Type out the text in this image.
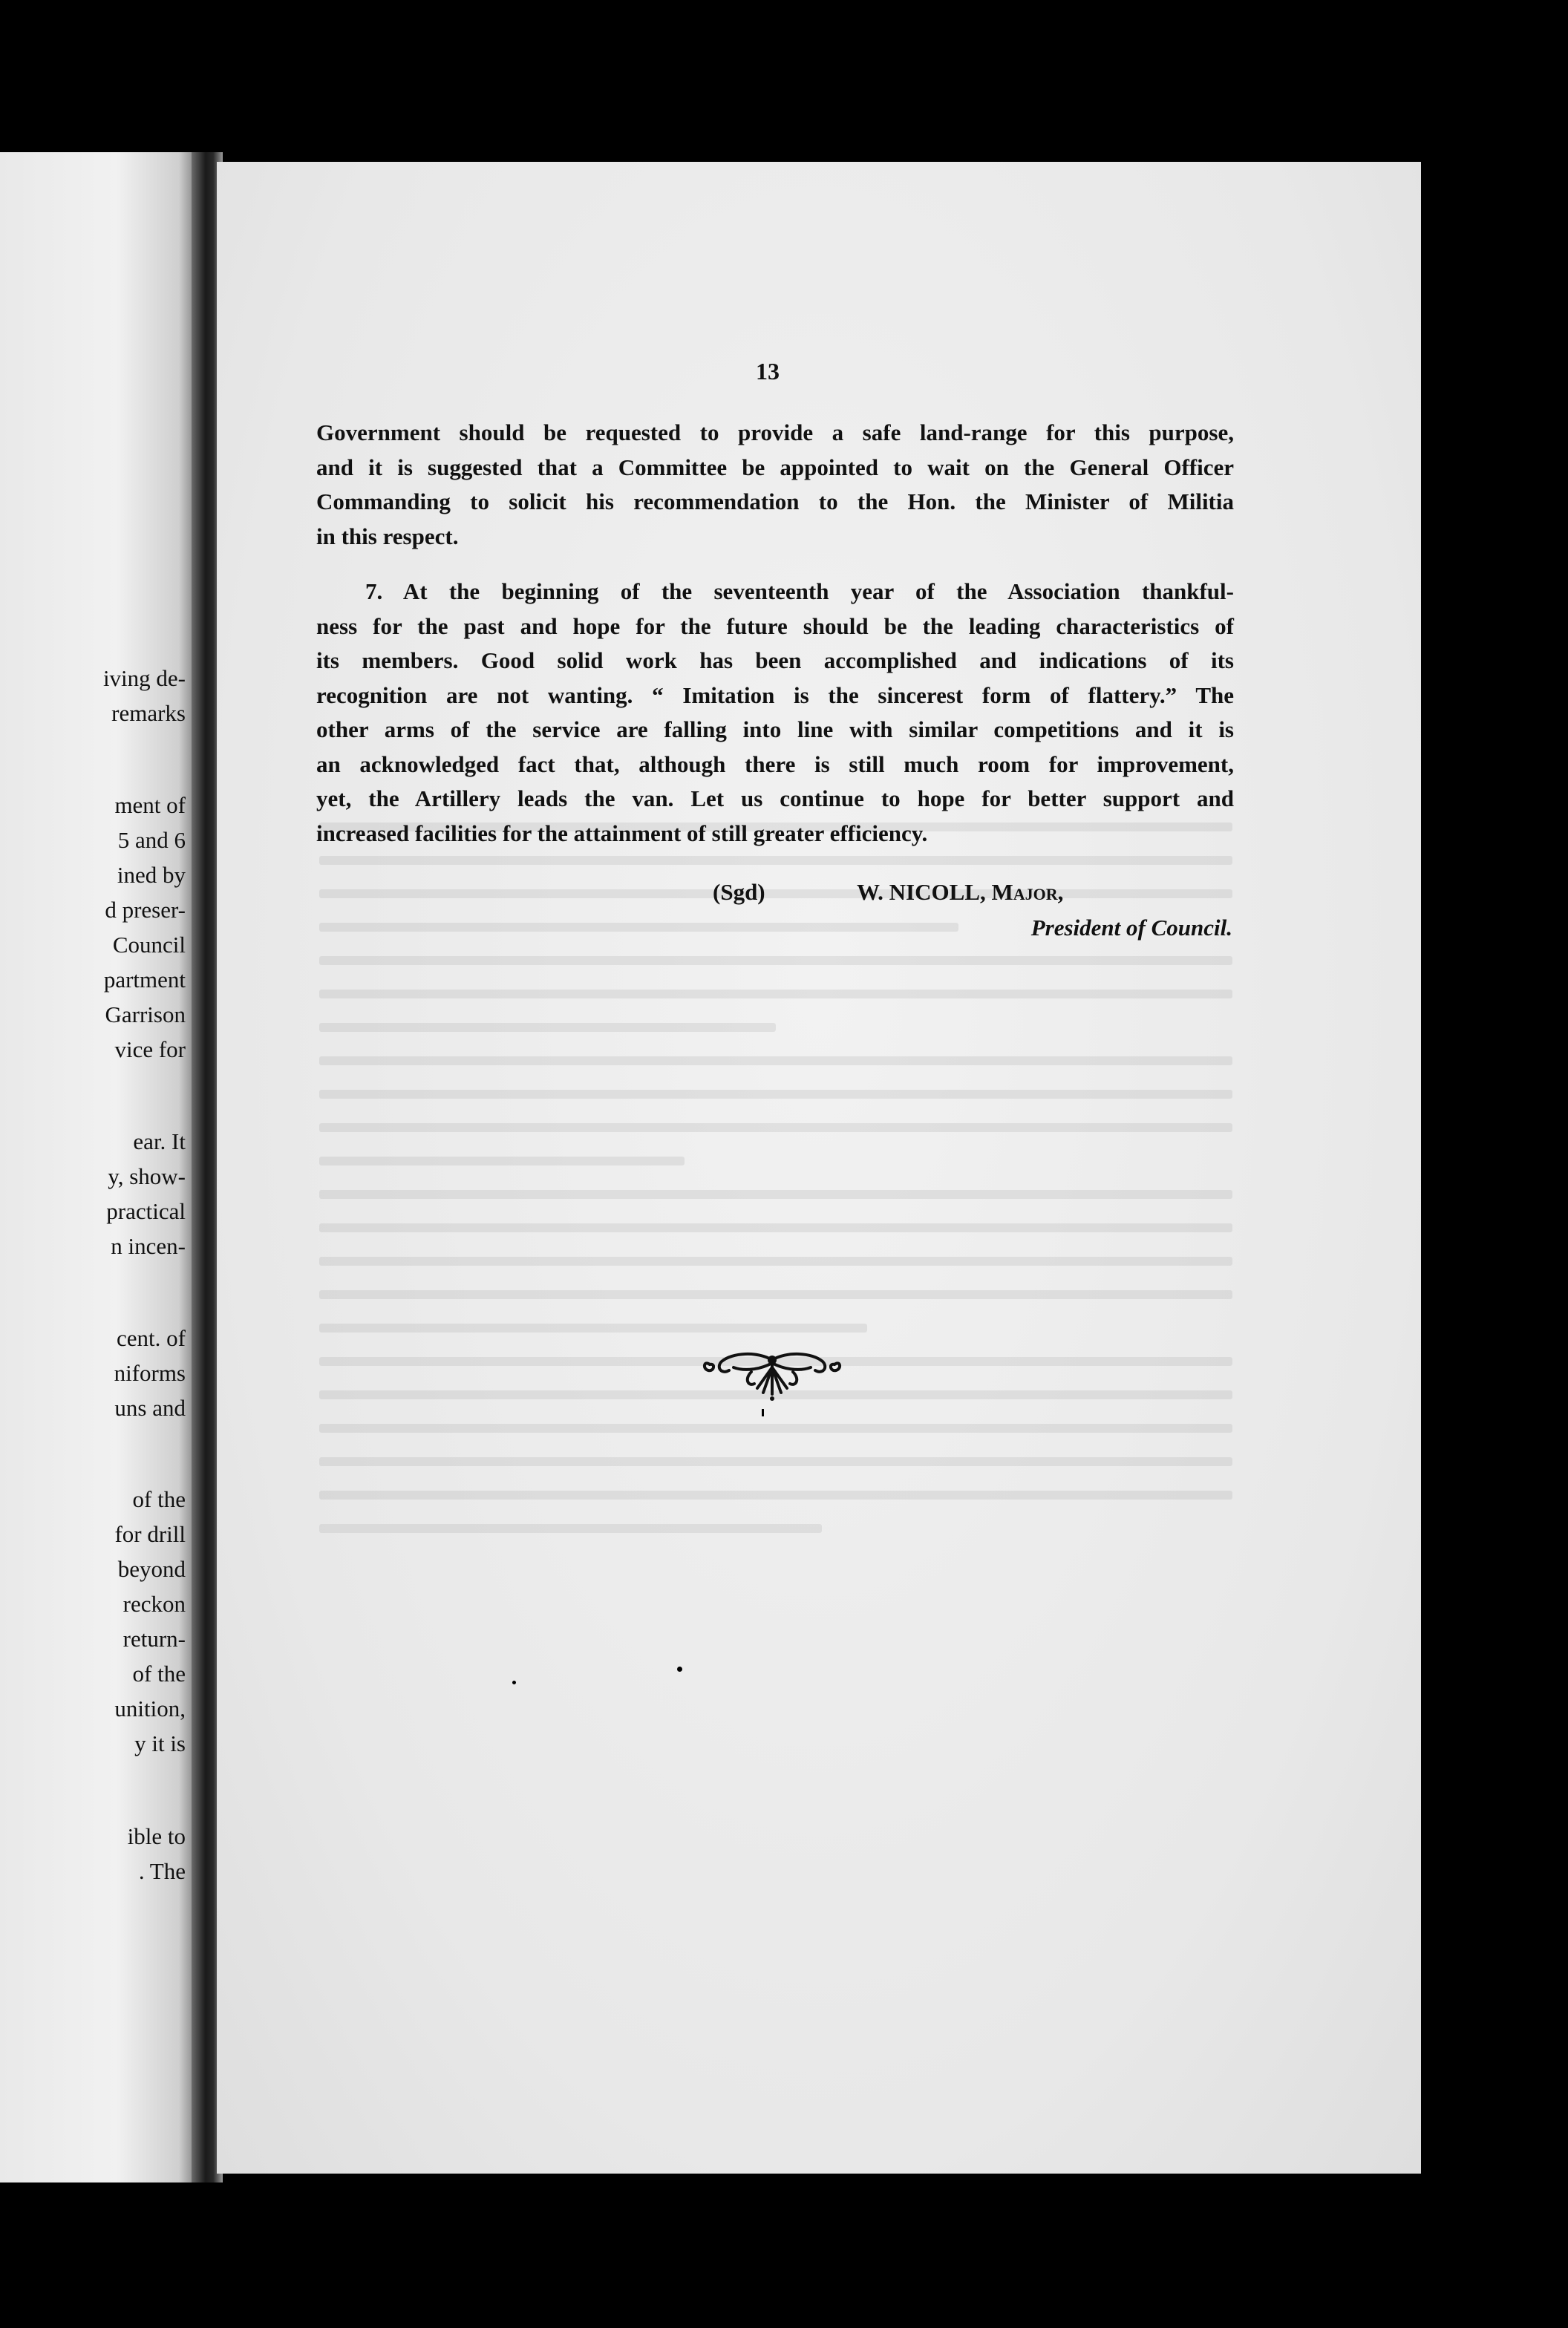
iving de-
remarks
ment of
5 and 6
ined by
d preser-
Council
partment
Garrison
vice for
ear. It
y, show-
practical
n incen-
cent. of
niforms
uns and
of the
for drill
beyond
reckon
return-
of the
unition,
y it is
ible to
. The
13

Government should be requested to provide a safe land-range for this purpose,
and it is suggested that a Committee be appointed to wait on the General Officer
Commanding to solicit his recommendation to the Hon. the Minister of Militia
in this respect.

7. At the beginning of the seventeenth year of the Association thankful-
ness for the past and hope for the future should be the leading characteristics of
its members. Good solid work has been accomplished and indications of its
recognition are not wanting. “ Imitation is the sincerest form of flattery.” The
other arms of the service are falling into line with similar competitions and it is
an acknowledged fact that, although there is still much room for improvement,
yet, the Artillery leads the van. Let us continue to hope for better support and
increased facilities for the attainment of still greater efficiency.

(Sgd)	W. NICOLL, Major,
President of Council.
